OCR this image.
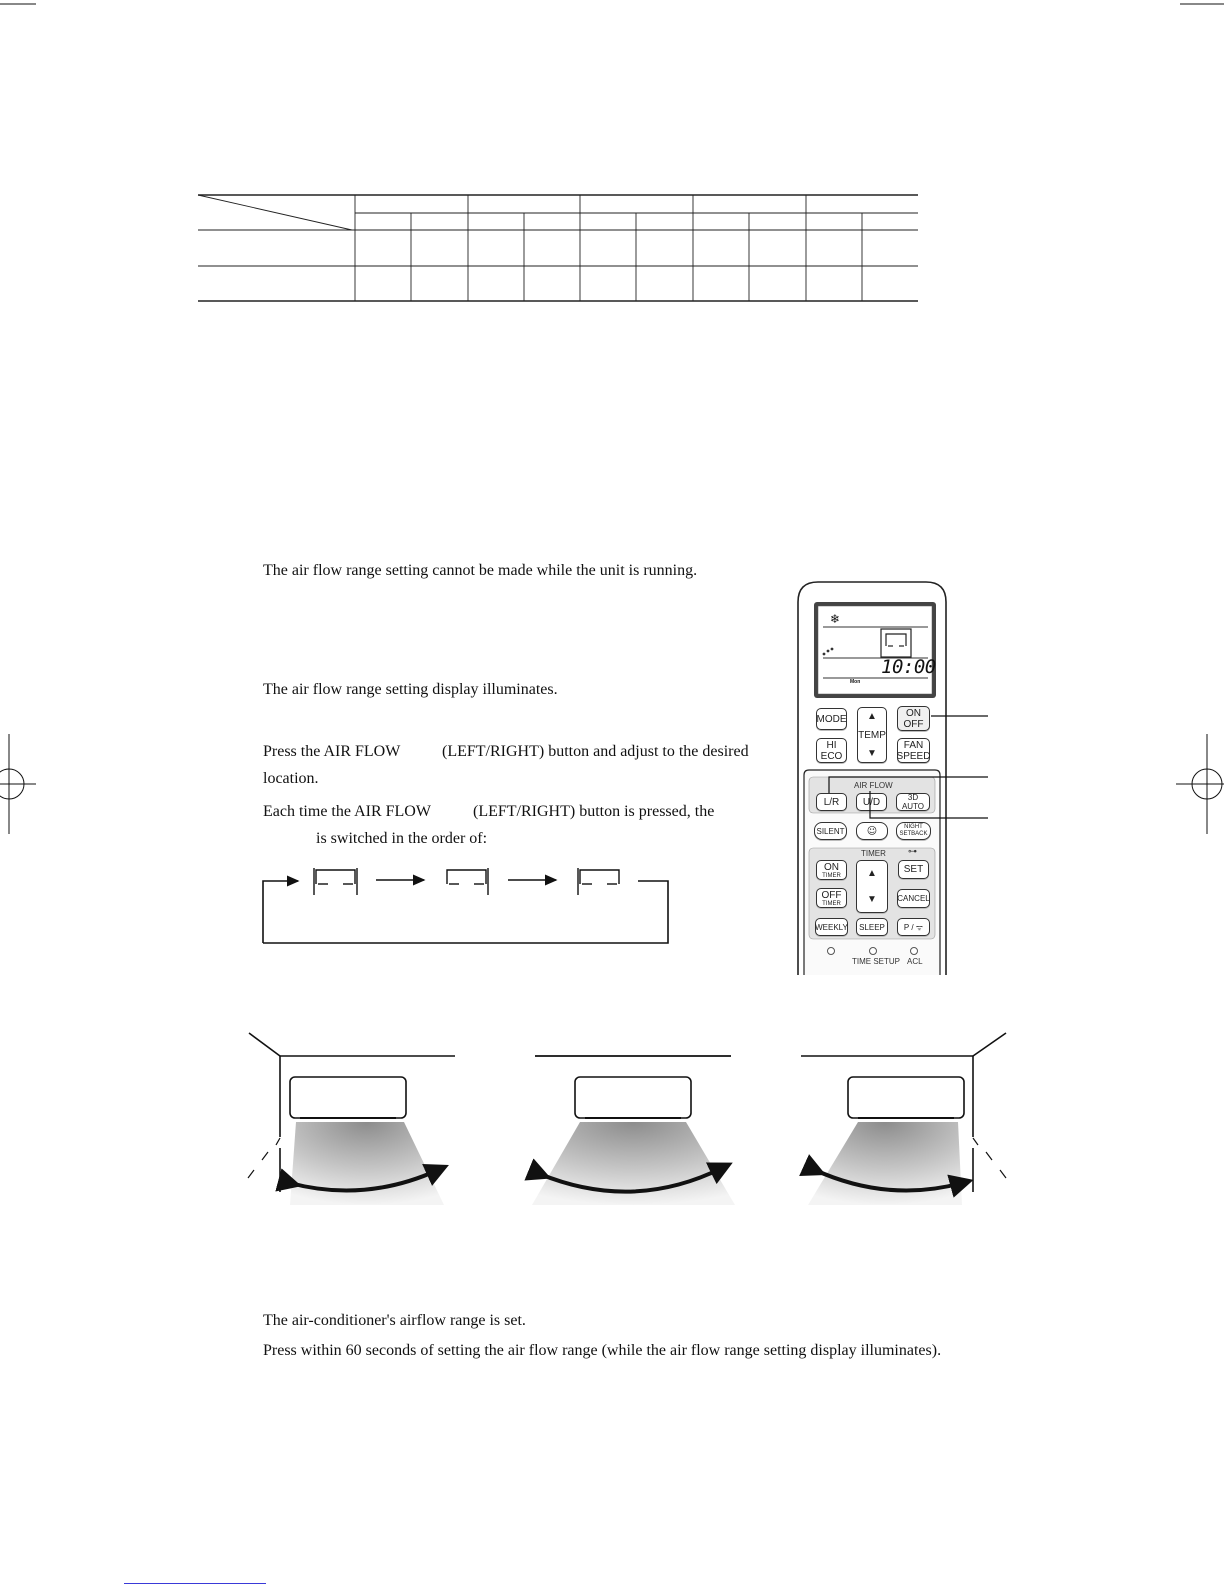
The air flow range setting cannot be made while the unit is running.
The air flow range setting display illuminates.
Press the AIR FLOW	(LEFT/RIGHT) button and adjust to the desired
location.
Each time the AIR FLOW	(LEFT/RIGHT) button is pressed, the
is switched in the order of:
The air-conditioner's airflow range is set.
Press within 60 seconds of setting the air flow range (while the air flow range setting display illuminates).
❄
10:00
Mon
MODE ▲
TEMP
▼
ON
OFF
HI
ECO
FAN
SPEED
AIR FLOW
L/R U/D	3D AUTO
SILENT ☺	NIGHT
SETBACK
TIMER ⊶
ON
TIMER	▲
▼
SET
OFF
TIMER
CANCEL
WEEKLY SLEEP P / ᯤ
TIME SETUP ACL
